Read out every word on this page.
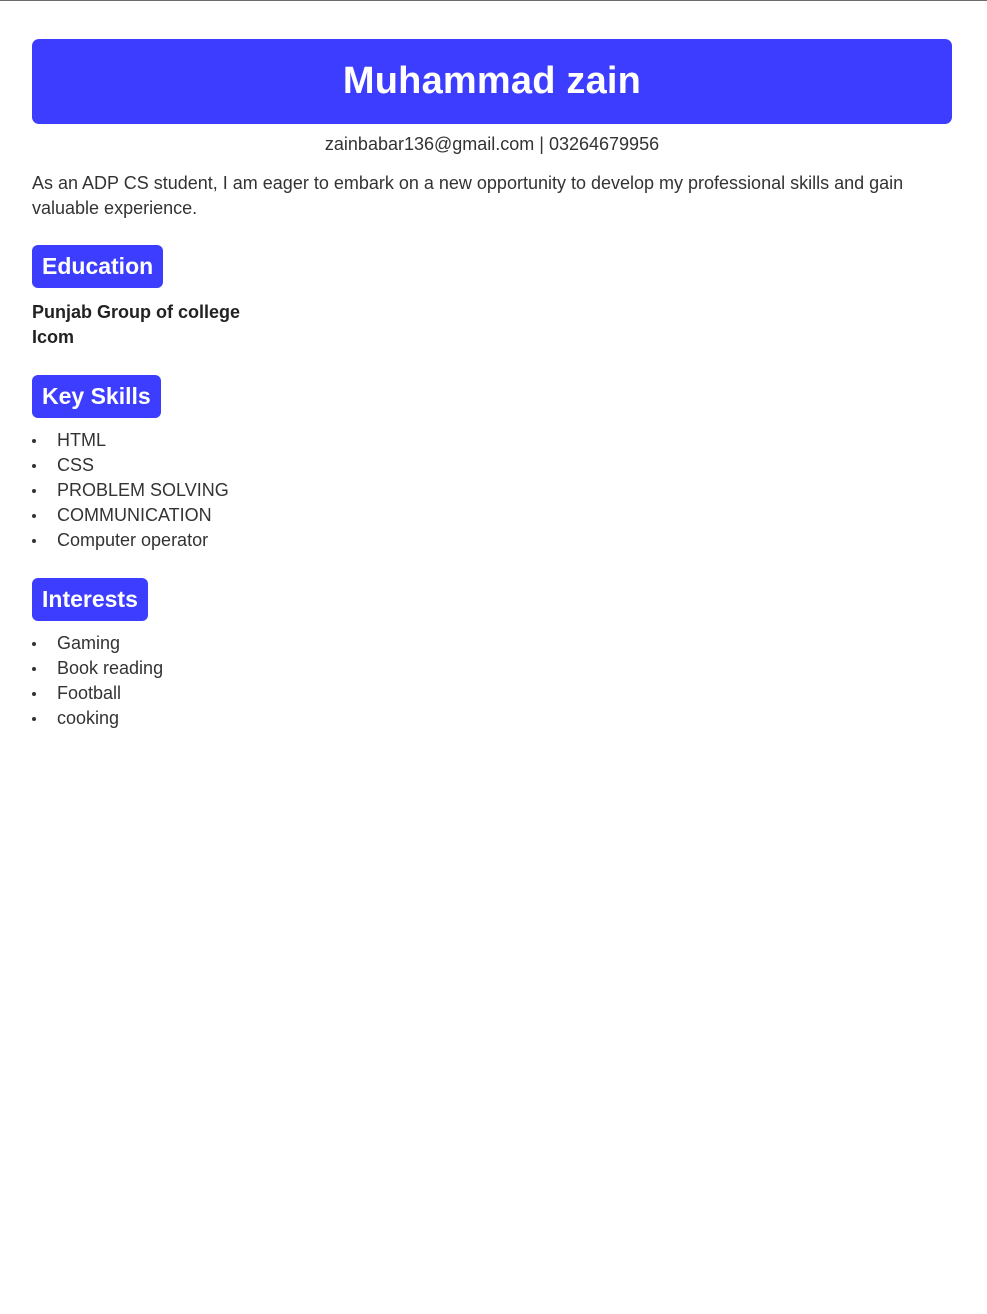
Muhammad zain
zainbabar136@gmail.com | 03264679956
As an ADP CS student, I am eager to embark on a new opportunity to develop my professional skills and gain valuable experience.
Education
Punjab Group of college
Icom
Key Skills
HTML
CSS
PROBLEM SOLVING
COMMUNICATION
Computer operator
Interests
Gaming
Book reading
Football
cooking
